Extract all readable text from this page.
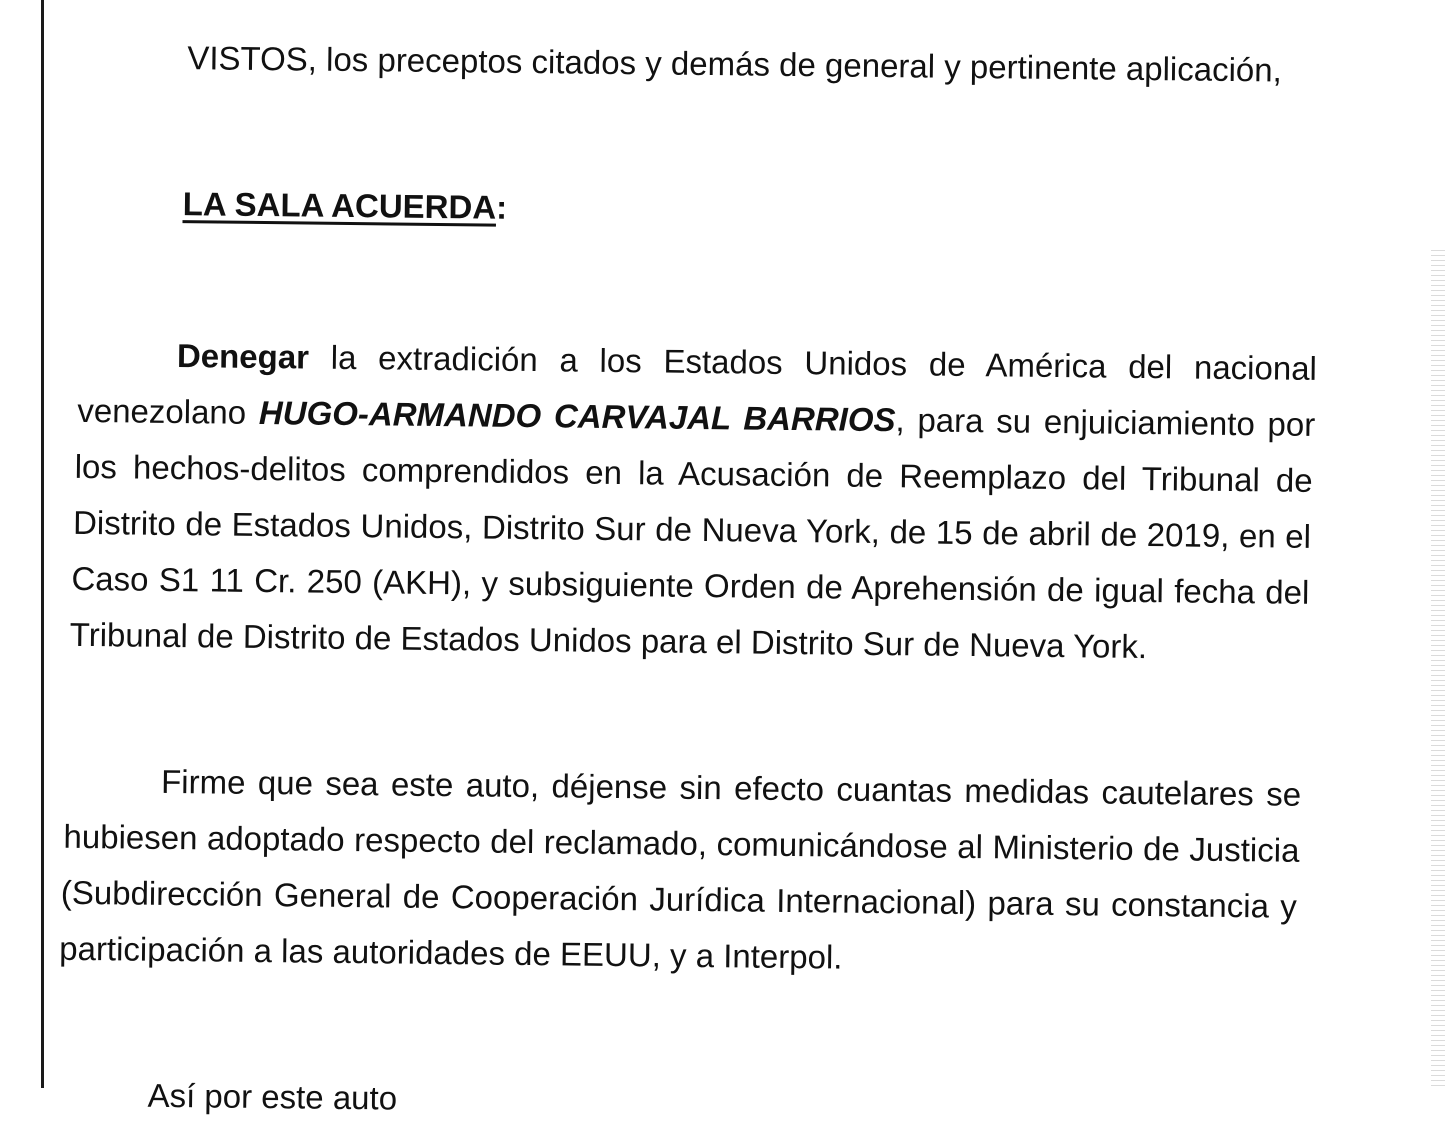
VISTOS, los preceptos citados y demás de general y pertinente aplicación,
LA SALA ACUERDA:
Denegar la extradición a los Estados Unidos de América del nacional
venezolano HUGO-ARMANDO CARVAJAL BARRIOS, para su enjuiciamiento por
los hechos-delitos comprendidos en la Acusación de Reemplazo del Tribunal de
Distrito de Estados Unidos, Distrito Sur de Nueva York, de 15 de abril de 2019, en el
Caso S1 11 Cr. 250 (AKH), y subsiguiente Orden de Aprehensión de igual fecha del
Tribunal de Distrito de Estados Unidos para el Distrito Sur de Nueva York.
Firme que sea este auto, déjense sin efecto cuantas medidas cautelares se
hubiesen adoptado respecto del reclamado, comunicándose al Ministerio de Justicia
(Subdirección General de Cooperación Jurídica Internacional) para su constancia y
participación a las autoridades de EEUU, y a Interpol.
Así por este auto
